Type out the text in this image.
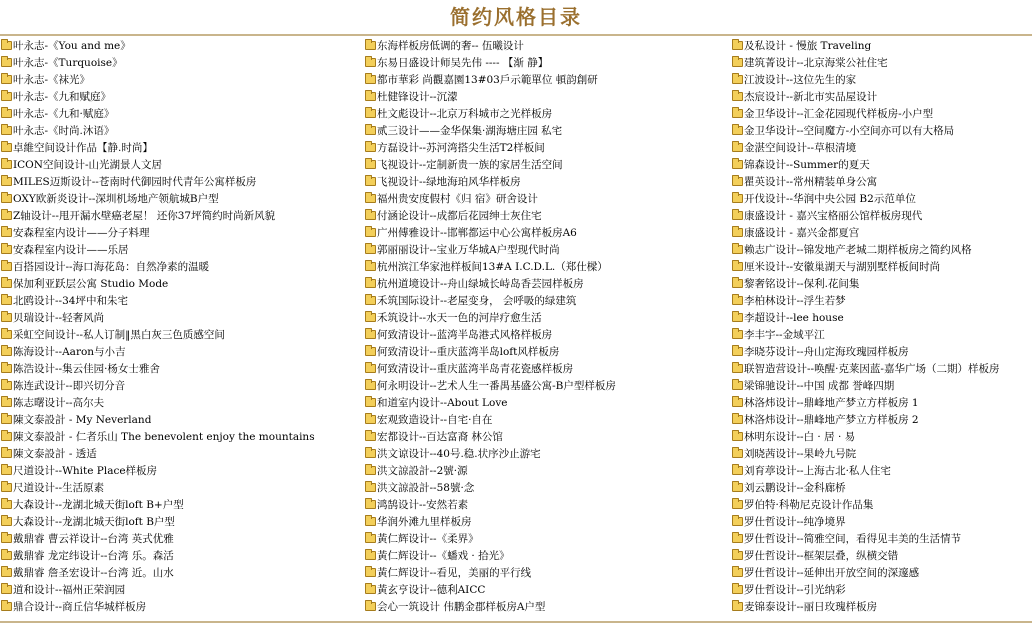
简约风格目录
叶永志-《You and me》
叶永志-《Turquoise》
叶永志-《袜光》
叶永志-《九和赋庭》
叶永志-《九和·赋庭》
叶永志-《时尚.沐语》
卓維空间设计作品【静.时尚】
ICON空间设计-山光湖景人文居
MILES迈斯设计--苍南时代御园时代青年公寓样板房
OXY欧新炎设计--深圳机场地产领航城B户型
Z轴设计--甩开漏水壁癌老屋！ 还你37坪简约时尚新风貌
安森程室内设计——分子料理
安森程室内设计——乐居
百搭园设计--海口海花岛：自然净素的温暖
保加利亚跃层公寓 Studio Mode
北鸥设计--34坪中和朱宅
贝瑞设计--轻奢风尚
采虹空间设计--私人订制‖黑白灰三色质感空间
陈海设计--Aaron与小吉
陈浩设计--集云佳园·杨女士雅舍
陈连武设计--即兴切分音
陈志曙设计--高尔夫
陳文泰設計 - My Neverland
陳文泰設計 - 仁者乐山 The benevolent enjoy the mountains
陳文泰設計 - 透适
尺道设计--White Place样板房
尺道设计--生活原素
大森设计--龙湖北城天街loft B+户型
大森设计--龙湖北城天街loft B户型
戴鼎睿 曹云祥设计--台湾 英式优雅
戴鼎睿 龙定纬设计--台湾 乐。森活
戴鼎睿 詹圣宏设计--台湾 近。山水
道和设计--福州正荣润园
鼎合设计--商丘信华城样板房
东海样板房低调的奢-- 伍曦设计
东易日盛设计师吴先伟 ---- 【渐 静】
都市華彩 尚觀嘉園13#03戶示範單位 頓韵創研
杜健锋设计--沉濛
杜文彪设计--北京万科城市之光样板房
贰三设计——金华保集·湖海塘庄园 私宅
方磊设计--苏河湾搭尖生活T2样板间
飞视设计--定制新贵一族的家居生活空间
飞视设计--绿地海珀风华样板房
福州贵安度假村《归 宿》研舍设计
付涵论设计--成都后花园绅士灰住宅
广州傅雅设计--邯郸都运中心公寓样板房A6
郭丽丽设计--宝业万华城A户型现代时尚
杭州滨江华家池样板间13#A I.C.D.L.（郑仕樑）
杭州道境设计--舟山绿城长峙岛香芸园样板房
禾筑国际设计--老屋变身， 会呼吸的绿建筑
禾筑设计--水天一色的河岸疗愈生活
何致清设计--蓝湾半岛港式风格样板房
何致清设计--重庆蓝湾半岛loft风样板房
何致清设计--重庆蓝湾半岛青花瓷感样板房
何永明设计--艺术人生一番禺基盛公寓-B户型样板房
和道室内设计--About Love
宏观致造设计--自宅·自在
宏都设计--百达富裔 林公馆
洪文谅设计--40号.稳.状序沙止游宅
洪文諒設計--2號·源
洪文諒設計--58號·念
鸿鹄设计--安然若素
华润外滩九里样板房
黃仁辉设计--《柔界》
黃仁辉设计--《蟠戏 · 拾光》
黃仁辉设计--看见，美丽的平行线
黃玄亨设计--德利AICC
会心一筑设计 伟鹏金郡样板房A户型
及私设计 - 慢旅 Traveling
建筑菁设计--北京海棠公社住宅
江波设计--这位先生的家
杰宸设计--新北市实品屋设计
金卫华设计--汇金花园现代样板房-小户型
金卫华设计--空间魔方-小空间亦可以有大格局
金湛空间设计--草根清境
锦森设计--Summer的夏天
瞿英设计--常州精装单身公寓
开伐设计--华润中央公园 B2示范单位
康盛设计 - 嘉兴宝格丽公馆样板房现代
康盛设计 - 嘉兴金都夏宫
赖志广设计--锦发地产老城二期样板房之简约风格
厘米设计--安徽巢湖天与湖别墅样板间时尚
黎奢铭设计--保利.花间集
李柏林设计--浮生若梦
李超设计--lee house
李丰宇--金域平江
李晓芬设计--舟山定海玫瑰园样板房
联智造营设计--唤醒·克莱因蓝-嘉华广场（二期）样板房
梁锦驰设计--中国 成都 誉峰四期
林洛炜设计--鼎峰地产梦立方样板房 1
林洛炜设计--鼎峰地产梦立方样板房 2
林明东设计--白 · 居 · 易
刘晓茜设计--果岭九号院
刘育葶设计--上海古北·私人住宅
刘云鹏设计--金科廊桥
罗伯特·科勒尼克设计作品集
罗仕哲设计--纯净境界
罗仕哲设计--简雅空间，看得见丰美的生活情节
罗仕哲设计--框架层叠，纵横交错
罗仕哲设计--延伸出开放空间的深邃感
罗仕哲设计--引光纳彩
麦锦泰设计--丽日玫瑰样板房
